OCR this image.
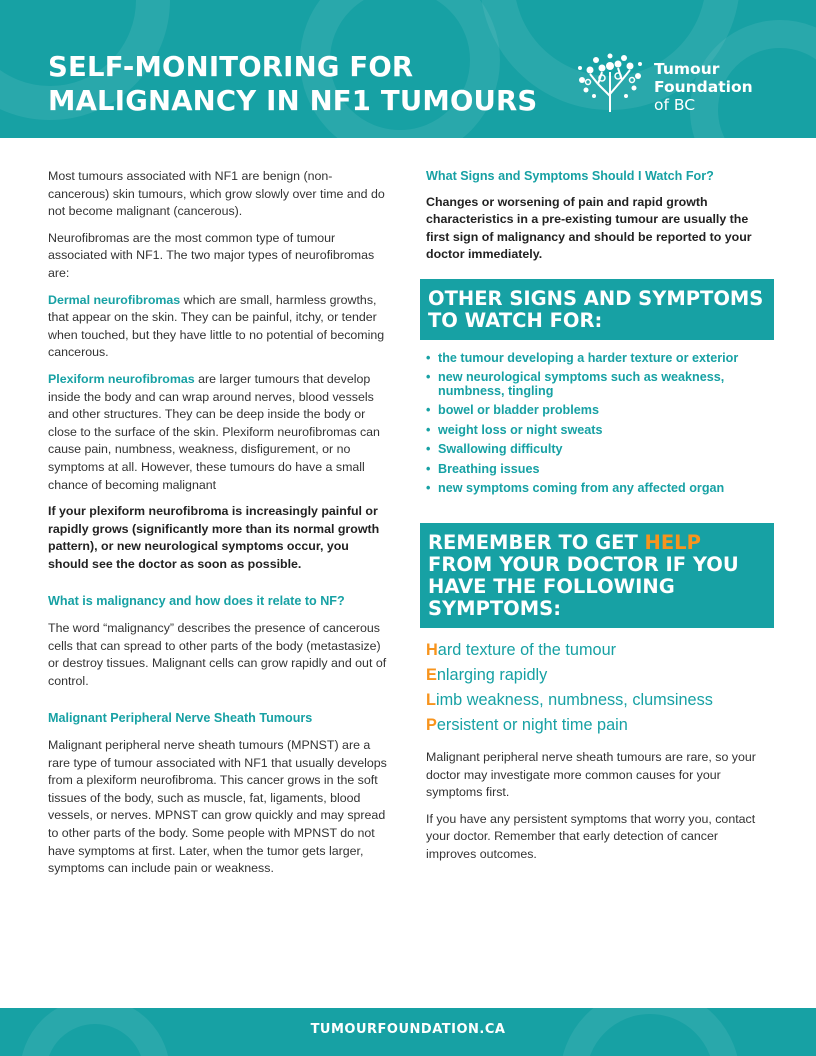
SELF-MONITORING FOR
MALIGNANCY IN NF1 TUMOURS
Tumour
Foundation
of BC

Most tumours associated with NF1 are benign (non-cancerous) skin tumours, which grow slowly over time and do not become malignant (cancerous).

Neurofibromas are the most common type of tumour associated with NF1. The two major types of neurofibromas are:

Dermal neurofibromas which are small, harmless growths, that appear on the skin. They can be painful, itchy, or tender when touched, but they have little to no potential of becoming cancerous.

Plexiform neurofibromas are larger tumours that develop inside the body and can wrap around nerves, blood vessels and other structures. They can be deep inside the body or close to the surface of the skin. Plexiform neurofibromas can cause pain, numbness, weakness, disfigurement, or no symptoms at all. However, these tumours do have a small chance of becoming malignant

If your plexiform neurofibroma is increasingly painful or rapidly grows (significantly more than its normal growth pattern), or new neurological symptoms occur, you should see the doctor as soon as possible.

What is malignancy and how does it relate to NF?

The word “malignancy” describes the presence of cancerous cells that can spread to other parts of the body (metastasize) or destroy tissues. Malignant cells can grow rapidly and out of control.

Malignant Peripheral Nerve Sheath Tumours

Malignant peripheral nerve sheath tumours (MPNST) are a rare type of tumour associated with NF1 that usually develops from a plexiform neurofibroma. This cancer grows in the soft tissues of the body, such as muscle, fat, ligaments, blood vessels, or nerves. MPNST can grow quickly and may spread to other parts of the body. Some people with MPNST do not have symptoms at first. Later, when the tumor gets larger, symptoms can include pain or weakness.

What Signs and Symptoms Should I Watch For?

Changes or worsening of pain and rapid growth characteristics in a pre-existing tumour are usually the first sign of malignancy and should be reported to your doctor immediately.

OTHER SIGNS AND SYMPTOMS TO WATCH FOR:
• the tumour developing a harder texture or exterior
• new neurological symptoms such as weakness, numbness, tingling
• bowel or bladder problems
• weight loss or night sweats
• Swallowing difficulty
• Breathing issues
• new symptoms coming from any affected organ
REMEMBER TO GET HELP FROM YOUR DOCTOR IF YOU HAVE THE FOLLOWING SYMPTOMS:
Hard texture of the tumour
Enlarging rapidly
Limb weakness, numbness, clumsiness
Persistent or night time pain

Malignant peripheral nerve sheath tumours are rare, so your doctor may investigate more common causes for your symptoms first.

If you have any persistent symptoms that worry you, contact your doctor. Remember that early detection of cancer improves outcomes.

TUMOURFOUNDATION.CA
